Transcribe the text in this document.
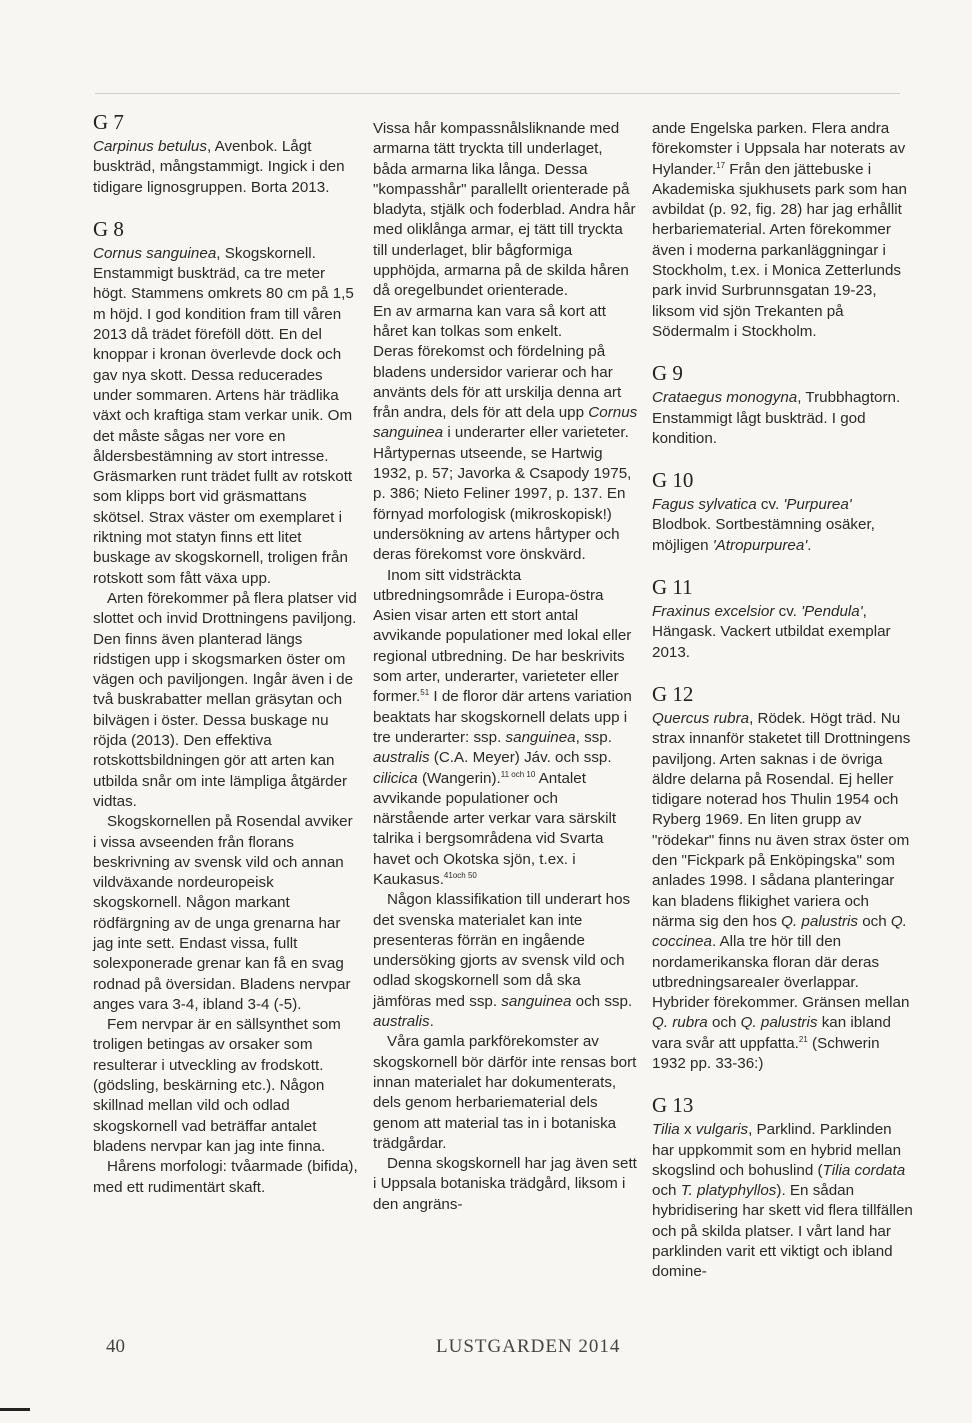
G 7

Carpinus betulus, Avenbok. Lågt buskträd, mångstammigt. Ingick i den tidigare lignosgruppen. Borta 2013.

G 8

Cornus sanguinea, Skogskornell. Enstammigt buskträd, ca tre meter högt. Stammens omkrets 80 cm på 1,5 m höjd. I god kondition fram till våren 2013 då trädet föreföll dött. En del knoppar i kronan överlevde dock och gav nya skott. Dessa reducerades under sommaren. Artens här trädlika växt och kraftiga stam verkar unik. Om det måste sågas ner vore en åldersbestämning av stort intresse. Gräsmarken runt trädet fullt av rotskott som klipps bort vid gräsmattans skötsel. Strax väster om exemplaret i riktning mot statyn finns ett litet buskage av skogskornell, troligen från rotskott som fått växa upp.

Arten förekommer på flera platser vid slottet och invid Drottningens paviljong. Den finns även planterad längs ridstigen upp i skogsmarken öster om vägen och paviljongen. Ingår även i de två buskrabatter mellan gräsytan och bilvägen i öster. Dessa buskage nu röjda (2013). Den effektiva rotskottsbildningen gör att arten kan utbilda snår om inte lämpliga åtgärder vidtas.

Skogskornellen på Rosendal avviker i vissa avseenden från florans beskrivning av svensk vild och annan vildväxande nordeuropeisk skogskornell. Någon markant rödfärgning av de unga grenarna har jag inte sett. Endast vissa, fullt solexponerade grenar kan få en svag rodnad på översidan. Bladens nervpar anges vara 3-4, ibland 3-4 (-5).

Fem nervpar är en sällsynthet som troligen betingas av orsaker som resulterar i utveckling av frodskott. (gödsling, beskärning etc.). Någon skillnad mellan vild och odlad skogskornell vad beträffar antalet bladens nervpar kan jag inte finna.

Hårens morfologi: tvåarmade (bifida), med ett rudimentärt skaft.

Vissa hår kompassnålsliknande med armarna tätt tryckta till underlaget, båda armarna lika långa. Dessa "kompasshår" parallellt orienterade på bladyta, stjälk och foderblad. Andra hår med oliklånga armar, ej tätt till tryckta till underlaget, blir bågformiga upphöjda, armarna på de skilda håren då oregelbundet orienterade.

En av armarna kan vara så kort att håret kan tolkas som enkelt.

Deras förekomst och fördelning på bladens undersidor varierar och har använts dels för att urskilja denna art från andra, dels för att dela upp Cornus sanguinea i underarter eller varieteter. Hårtypernas utseende, se Hartwig 1932, p. 57; Javorka & Csapody 1975, p. 386; Nieto Feliner 1997, p. 137. En förnyad morfologisk (mikroskopisk!) undersökning av artens hårtyper och deras förekomst vore önskvärd.

Inom sitt vidsträckta utbredningsområde i Europa-östra Asien visar arten ett stort antal avvikande populationer med lokal eller regional utbredning. De har beskrivits som arter, underarter, varieteter eller former.$^{51}$ I de floror där artens variation beaktats har skogskornell delats upp i tre underarter: ssp. sanguinea, ssp. australis (C.A. Meyer) Jáv. och ssp. cilicica (Wangerin).$^{11 och 10}$ Antalet avvikande populationer och närstående arter verkar vara särskilt talrika i bergsområdena vid Svarta havet och Okotska sjön, t.ex. i Kaukasus.$^{41och 50}$

Någon klassifikation till underart hos det svenska materialet kan inte presenteras förrän en ingående undersöking gjorts av svensk vild och odlad skogskornell som då ska jämföras med ssp. sanguinea och ssp. australis.

Våra gamla parkförekomster av skogskornell bör därför inte rensas bort innan materialet har dokumenterats, dels genom herbariematerial dels genom att material tas in i botaniska trädgårdar.

Denna skogskornell har jag även sett i Uppsala botaniska trädgård, liksom i den angräns-

ande Engelska parken. Flera andra förekomster i Uppsala har noterats av Hylander.$^{17}$ Från den jättebuske i Akademiska sjukhusets park som han avbildat (p. 92, fig. 28) har jag erhållit herbariematerial. Arten förekommer även i moderna parkanläggningar i Stockholm, t.ex. i Monica Zetterlunds park invid Surbrunnsgatan 19-23, liksom vid sjön Trekanten på Södermalm i Stockholm.

G 9

Crataegus monogyna, Trubbhagtorn. Enstammigt lågt buskträd. I god kondition.

G 10

Fagus sylvatica cv. 'Purpurea' Blodbok. Sortbestämning osäker, möjligen 'Atropurpurea'.

G 11

Fraxinus excelsior cv. 'Pendula', Hängask. Vackert utbildat exemplar 2013.

G 12

Quercus rubra, Rödek. Högt träd. Nu strax innanför staketet till Drottningens paviljong. Arten saknas i de övriga äldre delarna på Rosendal. Ej heller tidigare noterad hos Thulin 1954 och Ryberg 1969. En liten grupp av "rödekar" finns nu även strax öster om den "Fickpark på Enköpingska" som anlades 1998. I sådana planteringar kan bladens flikighet variera och närma sig den hos Q. palustris och Q. coccinea. Alla tre hör till den nordamerikanska floran där deras utbredningsareaIer överlappar. Hybrider förekommer. Gränsen mellan Q. rubra och Q. palustris kan ibland vara svår att uppfatta.$^{21}$ (Schwerin 1932 pp. 33-36:)

G 13

Tilia x vulgaris, Parklind. Parklinden har uppkommit som en hybrid mellan skogslind och bohuslind (Tilia cordata och T. platyphyllos). En sådan hybridisering har skett vid flera tillfällen och på skilda platser. I vårt land har parklinden varit ett viktigt och ibland domine-

40	LUSTGARDEN 2014
